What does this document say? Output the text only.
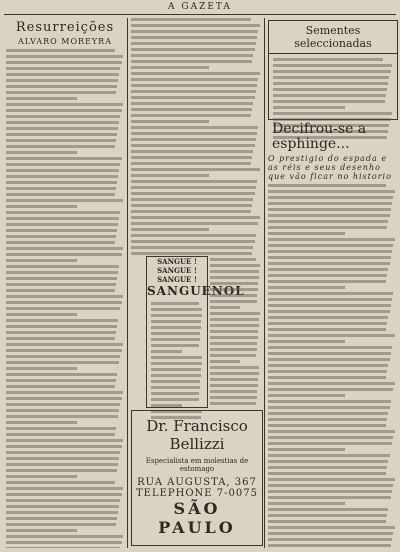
A GAZETA
Resurreições
ALVARO MOREYRA
SANGUE ! SANGUE ! SANGUE !
SANGUENOL
Dr. Francisco Bellizzi
Especialista em molestias de estomago
RUA AUGUSTA, 367
TELEPHONE 7-0075
SÃO PAULO
Sementes seleccionadas
Decifrou-se a esphinge...
O prestigio do espada e as réis e seus desenho que vão ficar no historio
